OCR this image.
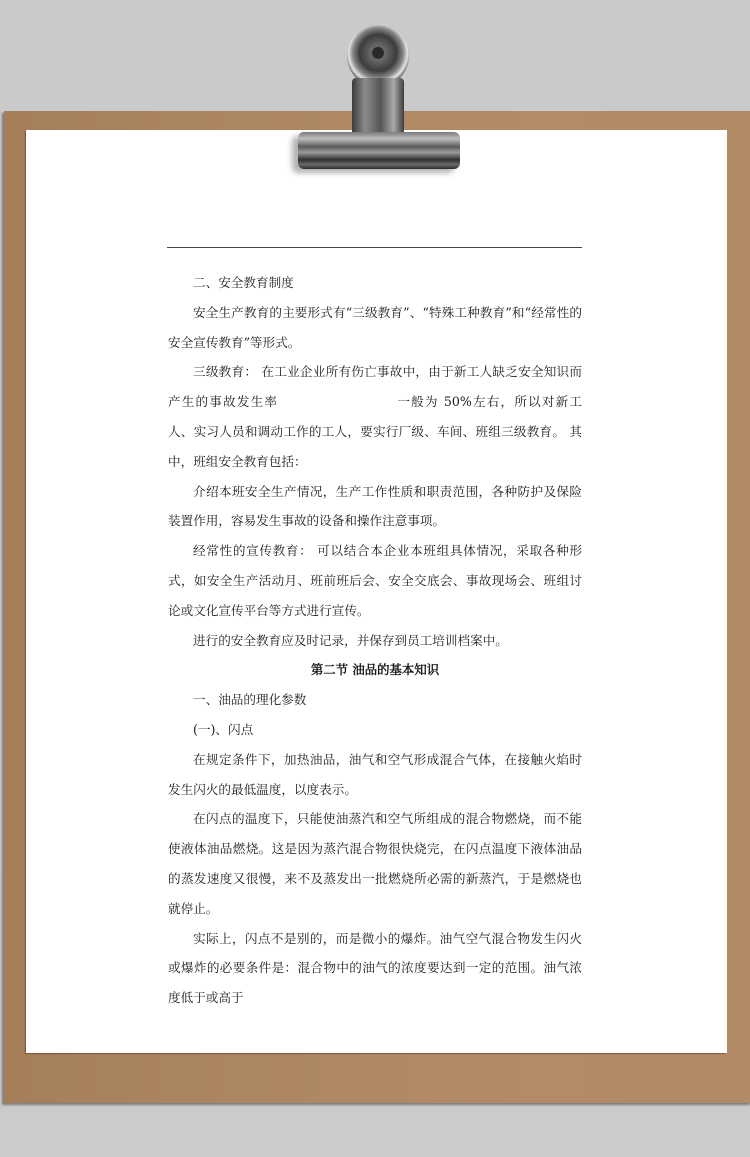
二、安全教育制度

安全生产教育的主要形式有“三级教育”、“特殊工种教育”和“经常性的安全宣传教育”等形式。

三级教育： 在工业企业所有伤亡事故中，由于新工人缺乏安全知识而产生的事故发生率	一般为 50%左右，所以对新工人、实习人员和调动工作的工人，要实行厂级、车间、班组三级教育。 其中，班组安全教育包括：

介绍本班安全生产情况，生产工作性质和职责范围，各种防护及保险装置作用，容易发生事故的设备和操作注意事项。

经常性的宣传教育： 可以结合本企业本班组具体情况，采取各种形式，如安全生产活动月、班前班后会、安全交底会、事故现场会、班组讨论或文化宣传平台等方式进行宣传。

进行的安全教育应及时记录，并保存到员工培训档案中。

第二节 油品的基本知识

一、油品的理化参数

(一)、闪点

在规定条件下，加热油品，油气和空气形成混合气体，在接触火焰时发生闪火的最低温度，以度表示。

在闪点的温度下，只能使油蒸汽和空气所组成的混合物燃烧，而不能使液体油品燃烧。这是因为蒸汽混合物很快烧完，在闪点温度下液体油品的蒸发速度又很慢，来不及蒸发出一批燃烧所必需的新蒸汽，于是燃烧也就停止。

实际上，闪点不是别的，而是微小的爆炸。油气空气混合物发生闪火或爆炸的必要条件是：混合物中的油气的浓度要达到一定的范围。油气浓度低于或高于
